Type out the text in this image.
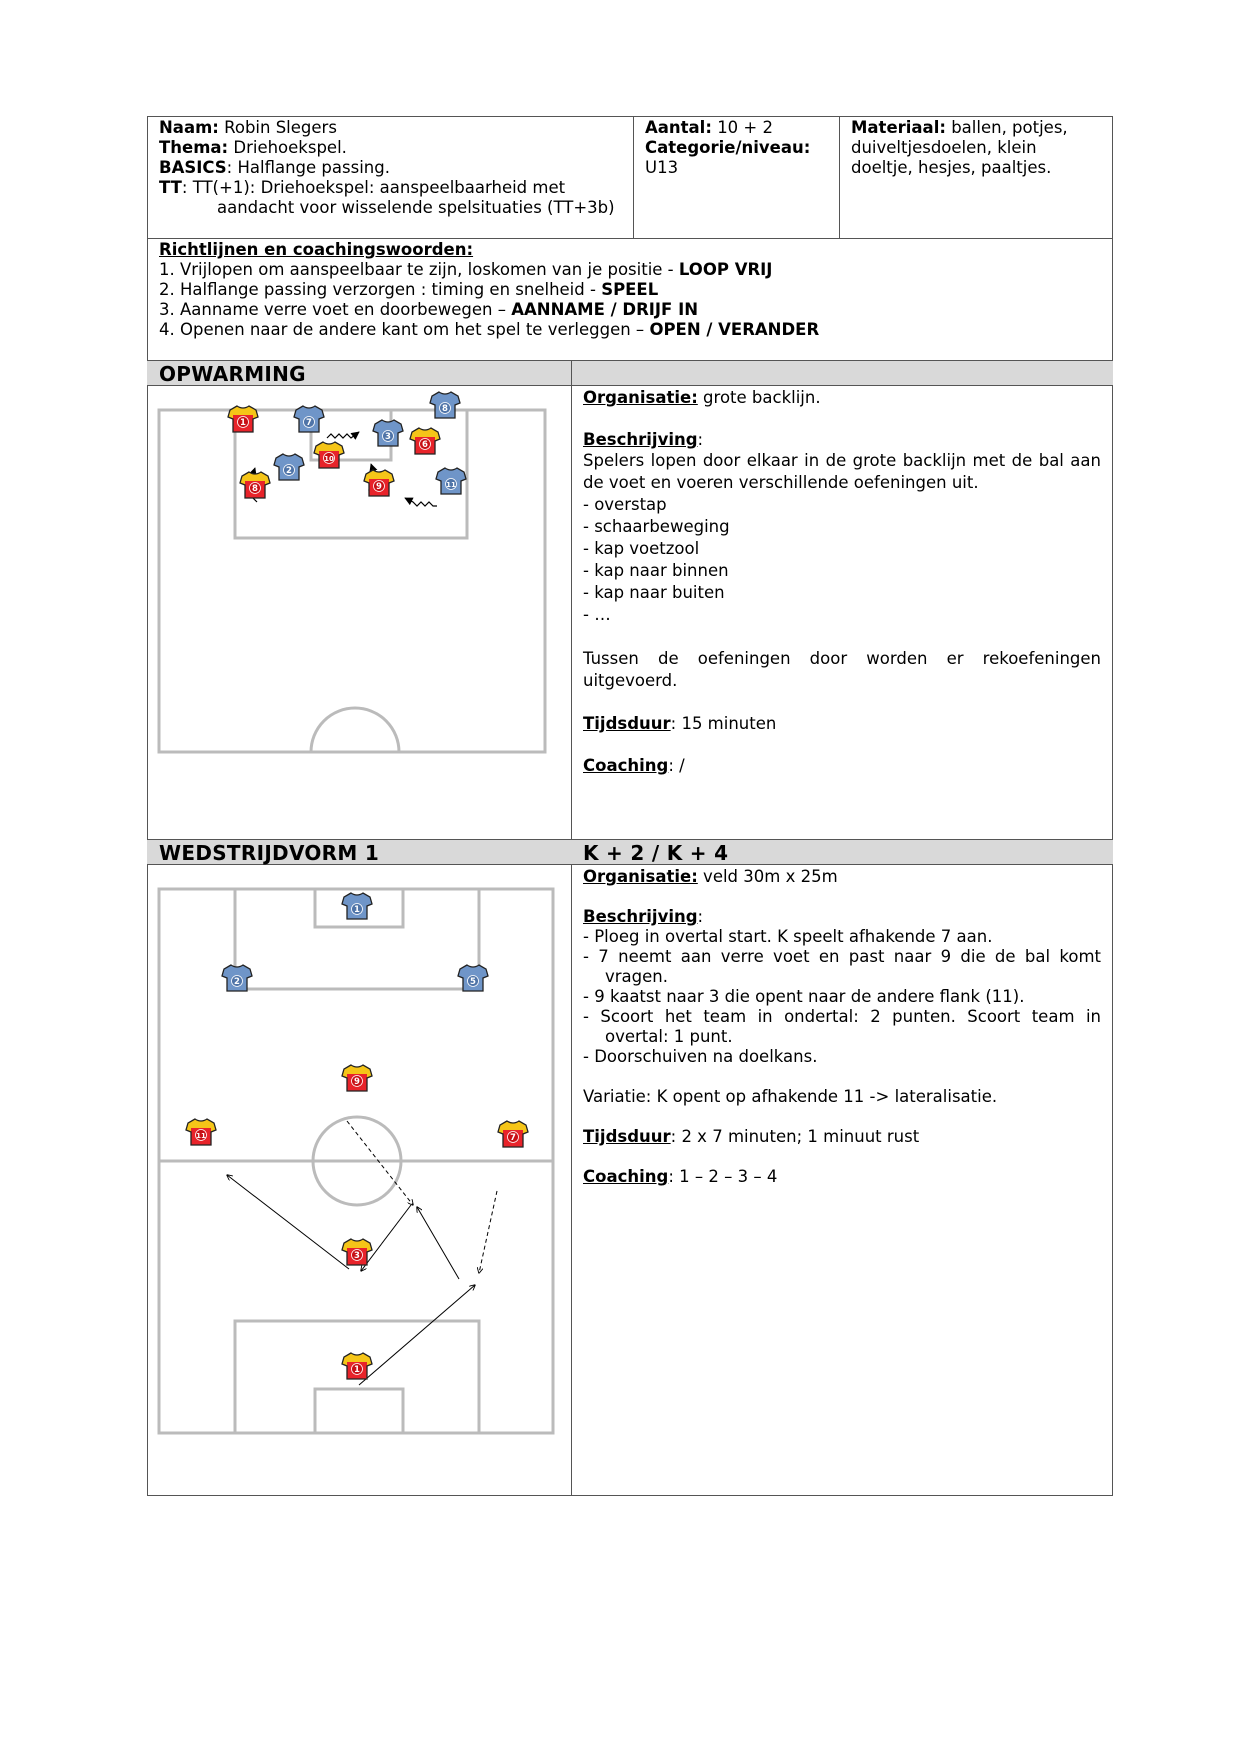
Naam: Robin Slegers
Thema: Driehoekspel.
BASICS: Halflange passing.
TT: TT(+1): Driehoekspel: aanspeelbaarheid met
aandacht voor wisselende spelsituaties (TT+3b)
Aantal: 10 + 2
Categorie/niveau:
U13
Materiaal: ballen, potjes,
duiveltjesdoelen, klein
doeltje, hesjes, paaltjes.
Richtlijnen en coachingswoorden:
1. Vrijlopen om aanspeelbaar te zijn, loskomen van je positie - LOOP VRIJ
2. Halflange passing verzorgen : timing en snelheid - SPEEL
3. Aanname verre voet en doorbewegen – AANNAME / DRIJF IN
4. Openen naar de andere kant om het spel te verleggen – OPEN / VERANDER
OPWARMING
1	7
8
3
6
10
2
8	9	11
Organisatie: grote backlijn.
Beschrijving:
Spelers lopen door elkaar in de grote backlijn met de bal aan de voet en voeren verschillende oefeningen uit.
- overstap
- schaarbeweging
- kap voetzool
- kap naar binnen
- kap naar buiten
- …
Tussen de oefeningen door worden er rekoefeningen uitgevoerd.
Tijdsduur: 15 minuten
Coaching: /
WEDSTRIJDVORM 1	K + 2 / K + 4
1
2	5
9
11	7
3
1
Organisatie: veld 30m x 25m
Beschrijving:
- Ploeg in overtal start. K speelt afhakende 7 aan.
- 7 neemt aan verre voet en past naar 9 die de bal komt vragen.
- 9 kaatst naar 3 die opent naar de andere flank (11).
- Scoort het team in ondertal: 2 punten. Scoort team in overtal: 1 punt.
- Doorschuiven na doelkans.
Variatie: K opent op afhakende 11 -> lateralisatie.
Tijdsduur: 2 x 7 minuten; 1 minuut rust
Coaching: 1 – 2 – 3 – 4
